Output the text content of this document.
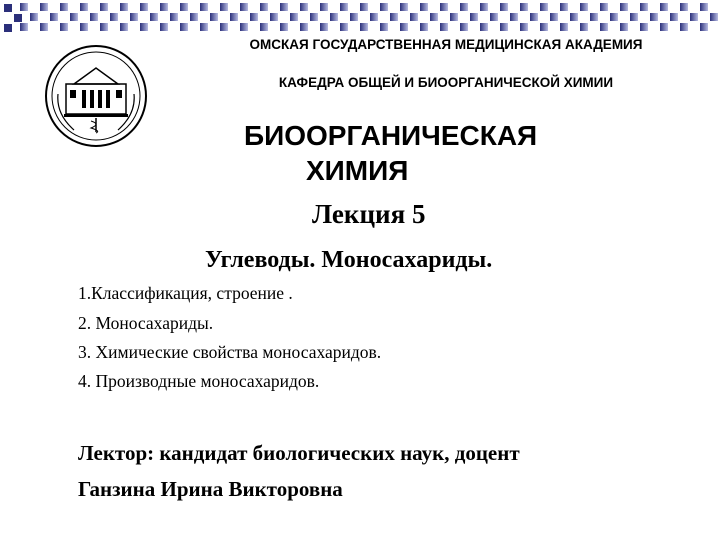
ОМСКАЯ ГОСУДАРСТВЕННАЯ МЕДИЦИНСКАЯ АКАДЕМИЯ
КАФЕДРА ОБЩЕЙ И БИООРГАНИЧЕСКОЙ ХИМИИ
БИООРГАНИЧЕСКАЯ
ХИМИЯ
Лекция 5
Углеводы. Моносахариды.
1.Классификация, строение .
2. Моносахариды.
3. Химические свойства моносахаридов.
4. Производные моносахаридов.
Лектор: кандидат биологических наук, доцент
Ганзина Ирина Викторовна
